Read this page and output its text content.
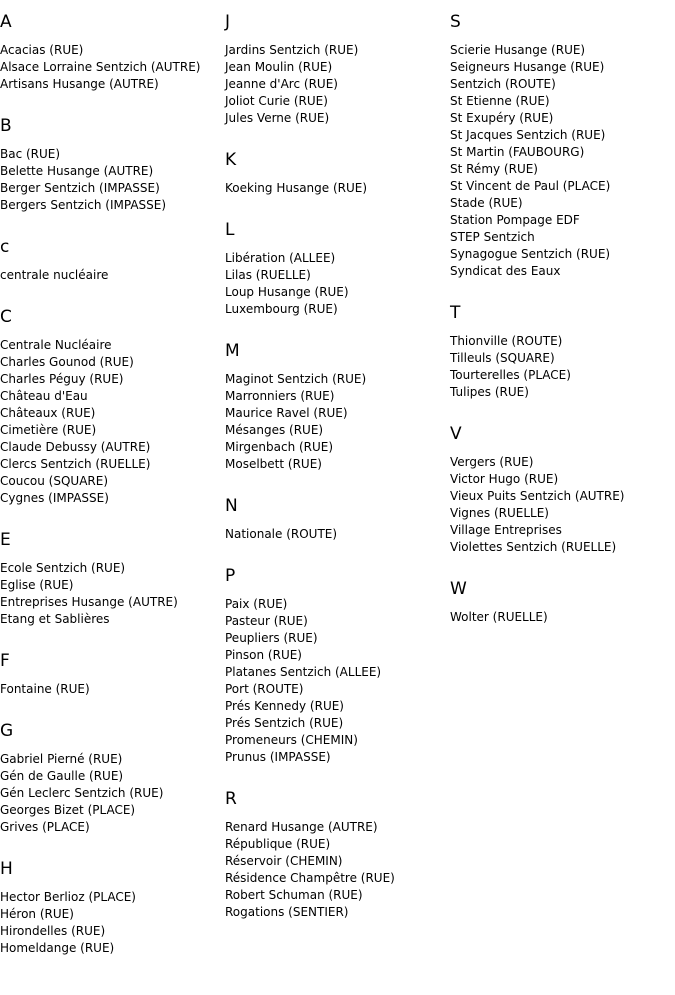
A
Acacias (RUE)
Alsace Lorraine Sentzich (AUTRE)
Artisans Husange (AUTRE)
B
Bac (RUE)
Belette Husange (AUTRE)
Berger Sentzich (IMPASSE)
Bergers Sentzich (IMPASSE)
c
centrale nucléaire
C
Centrale Nucléaire
Charles Gounod (RUE)
Charles Péguy (RUE)
Château d'Eau
Châteaux (RUE)
Cimetière (RUE)
Claude Debussy (AUTRE)
Clercs Sentzich (RUELLE)
Coucou (SQUARE)
Cygnes (IMPASSE)
E
Ecole Sentzich (RUE)
Eglise (RUE)
Entreprises Husange (AUTRE)
Etang et Sablières
F
Fontaine (RUE)
G
Gabriel Pierné (RUE)
Gén de Gaulle (RUE)
Gén Leclerc Sentzich (RUE)
Georges Bizet (PLACE)
Grives (PLACE)
H
Hector Berlioz (PLACE)
Héron (RUE)
Hirondelles (RUE)
Homeldange (RUE)
J
Jardins Sentzich (RUE)
Jean Moulin (RUE)
Jeanne d'Arc (RUE)
Joliot Curie (RUE)
Jules Verne (RUE)
K
Koeking Husange (RUE)
L
Libération (ALLEE)
Lilas (RUELLE)
Loup Husange (RUE)
Luxembourg (RUE)
M
Maginot Sentzich (RUE)
Marronniers (RUE)
Maurice Ravel (RUE)
Mésanges (RUE)
Mirgenbach (RUE)
Moselbett (RUE)
N
Nationale (ROUTE)
P
Paix (RUE)
Pasteur (RUE)
Peupliers (RUE)
Pinson (RUE)
Platanes Sentzich (ALLEE)
Port (ROUTE)
Prés Kennedy (RUE)
Prés Sentzich (RUE)
Promeneurs (CHEMIN)
Prunus (IMPASSE)
R
Renard Husange (AUTRE)
République (RUE)
Réservoir (CHEMIN)
Résidence Champêtre (RUE)
Robert Schuman (RUE)
Rogations (SENTIER)
S
Scierie Husange (RUE)
Seigneurs Husange (RUE)
Sentzich (ROUTE)
St Etienne (RUE)
St Exupéry (RUE)
St Jacques Sentzich (RUE)
St Martin (FAUBOURG)
St Rémy (RUE)
St Vincent de Paul (PLACE)
Stade (RUE)
Station Pompage EDF
STEP Sentzich
Synagogue Sentzich (RUE)
Syndicat des Eaux
T
Thionville (ROUTE)
Tilleuls (SQUARE)
Tourterelles (PLACE)
Tulipes (RUE)
V
Vergers (RUE)
Victor Hugo (RUE)
Vieux Puits Sentzich (AUTRE)
Vignes (RUELLE)
Village Entreprises
Violettes Sentzich (RUELLE)
W
Wolter (RUELLE)
